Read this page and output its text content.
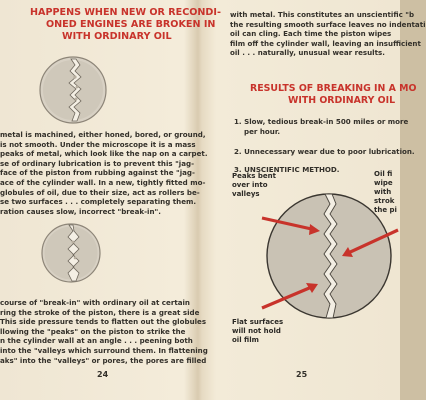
HAPPENS WHEN NEW OR RECONDI-
ONED ENGINES ARE BROKEN IN
WITH ORDINARY OIL

metal is machined, either honed, bored, or ground,

is not smooth. Under the microscope it is a mass

peaks of metal, which look like the nap on a carpet.

se of ordinary lubrication is to prevent this "jag-

face of the piston from rubbing against the "jag-

ace of the cylinder wall. In a new, tightly fitted mo-

globules of oil, due to their size, act as rollers be-

se two surfaces . . . completely separating them.

ration causes slow, incorrect "break-in".

course of "break-in" with ordinary oil at certain

ring the stroke of the piston, there is a great side

This side pressure tends to flatten out the globules

llowing the "peaks" on the piston to strike the

n the cylinder wall at an angle . . . peening both

into the "valleys which surround them. In flattening

aks" into the "valleys" or pores, the pores are filled

24

with metal. This constitutes an unscientific "b

the resulting smooth surface leaves no indentati

oil can cling. Each time the piston wipes

film off the cylinder wall, leaving an insufficient

oil . . . naturally, unusual wear results.

RESULTS OF BREAKING IN A MO
WITH ORDINARY OIL
1. Slow, tedious break-in 500 miles or more
per hour.
2. Unnecessary wear due to poor lubrication.
3. UNSCIENTIFIC METHOD.
Peaks bent
over into
valleys
Oil fi
wipe
with
strok
the pi
Flat surfaces
will not hold
oil film
25
